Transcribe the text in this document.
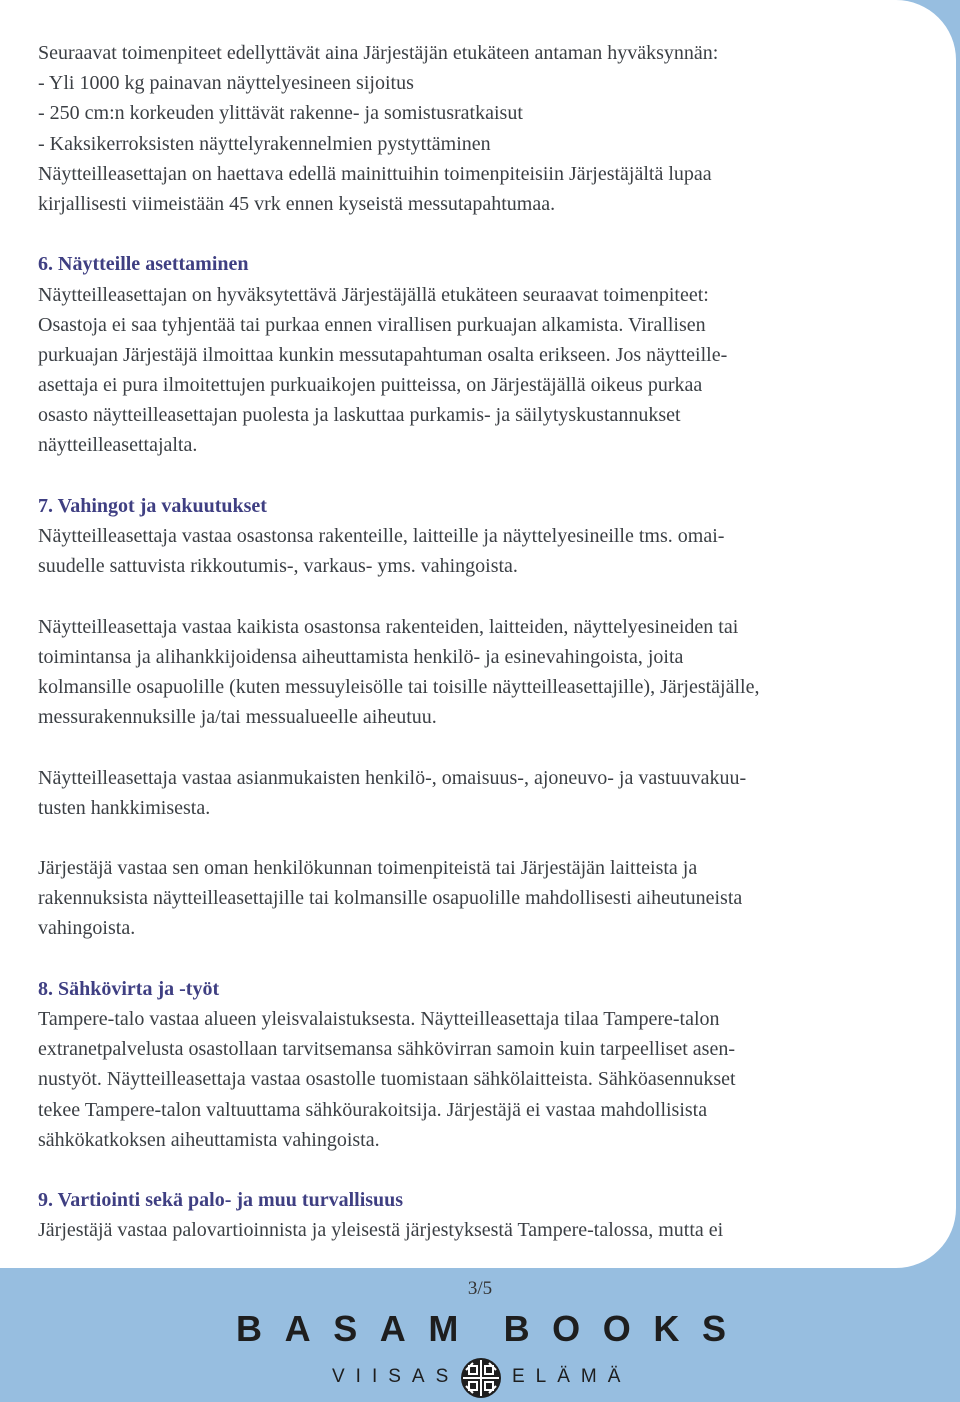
Seuraavat toimenpiteet edellyttävät aina Järjestäjän etukäteen antaman hyväksynnän:
- Yli 1000 kg painavan näyttelyesineen sijoitus
- 250 cm:n korkeuden ylittävät rakenne- ja somistusratkaisut
- Kaksikerroksisten näyttelyrakennelmien pystyttäminen
Näytteilleasettajan on haettava edellä mainittuihin toimenpiteisiin Järjestäjältä lupaa
kirjallisesti viimeistään 45 vrk ennen kyseistä messutapahtumaa.
6. Näytteille asettaminen
Näytteilleasettajan on hyväksytettävä Järjestäjällä etukäteen seuraavat toimenpiteet:
Osastoja ei saa tyhjentää tai purkaa ennen virallisen purkuajan alkamista. Virallisen
purkuajan Järjestäjä ilmoittaa kunkin messutapahtuman osalta erikseen. Jos näytteille-
asettaja ei pura ilmoitettujen purkuaikojen puitteissa, on Järjestäjällä oikeus purkaa
osasto näytteilleasettajan puolesta ja laskuttaa purkamis- ja säilytyskustannukset
näytteilleasettajalta.
7. Vahingot ja vakuutukset
Näytteilleasettaja vastaa osastonsa rakenteille, laitteille ja näyttelyesineille tms. omai-
suudelle sattuvista rikkoutumis-, varkaus- yms. vahingoista.
Näytteilleasettaja vastaa kaikista osastonsa rakenteiden, laitteiden, näyttelyesineiden tai
toimintansa ja alihankkijoidensa aiheuttamista henkilö- ja esinevahingoista, joita
kolmansille osapuolille (kuten messuyleisölle tai toisille näytteilleasettajille), Järjestäjälle,
messurakennuksille ja/tai messualueelle aiheutuu.
Näytteilleasettaja vastaa asianmukaisten henkilö-, omaisuus-, ajoneuvo- ja vastuuvakuu-
tusten hankkimisesta.
Järjestäjä vastaa sen oman henkilökunnan toimenpiteistä tai Järjestäjän laitteista ja
rakennuksista näytteilleasettajille tai kolmansille osapuolille mahdollisesti aiheutuneista
vahingoista.
8. Sähkövirta ja -työt
Tampere-talo vastaa alueen yleisvalaistuksesta. Näytteilleasettaja tilaa Tampere-talon
extranetpalvelusta osastollaan tarvitsemansa sähkövirran samoin kuin tarpeelliset asen-
nustyöt. Näytteilleasettaja vastaa osastolle tuomistaan sähkölaitteista. Sähköasennukset
tekee Tampere-talon valtuuttama sähköurakoitsija. Järjestäjä ei vastaa mahdollisista
sähkökatkoksen aiheuttamista vahingoista.
9. Vartiointi sekä palo- ja muu turvallisuus
Järjestäjä vastaa palovartioinnista ja yleisestä järjestyksestä Tampere-talossa, mutta ei
3/5
B A S A M B O O K S
VIISAS	ELÄMÄ
